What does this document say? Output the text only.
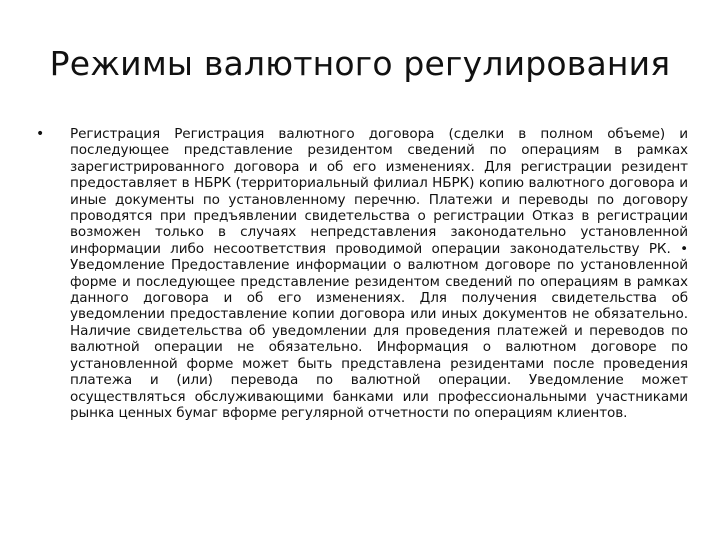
Режимы валютного регулирования
• Регистрация Регистрация валютного договора (сделки в полном объеме) и последующее представление резидентом сведений по операциям в рамках зарегистрированного договора и об его изменениях. Для регистрации резидент предоставляет в НБРК (территориальный филиал НБРК) копию валютного договора и иные документы по установленному перечню. Платежи и переводы по договору проводятся при предъявлении свидетельства о регистрации Отказ в регистрации возможен только в случаях непредставления законодательно установленной информации либо несоответствия проводимой операции законодательству РК. • Уведомление Предоставление информации о валютном договоре по установленной форме и последующее представление резидентом сведений по операциям в рамках данного договора и об его изменениях. Для получения свидетельства об уведомлении предоставление копии договора или иных документов не обязательно. Наличие свидетельства об уведомлении для проведения платежей и переводов по валютной операции не обязательно. Информация о валютном договоре по установленной форме может быть представлена резидентами после проведения платежа и (или) перевода по валютной операции. Уведомление может осуществляться обслуживающими банками или профессиональными участниками рынка ценных бумаг вформе регулярной отчетности по операциям клиентов.
